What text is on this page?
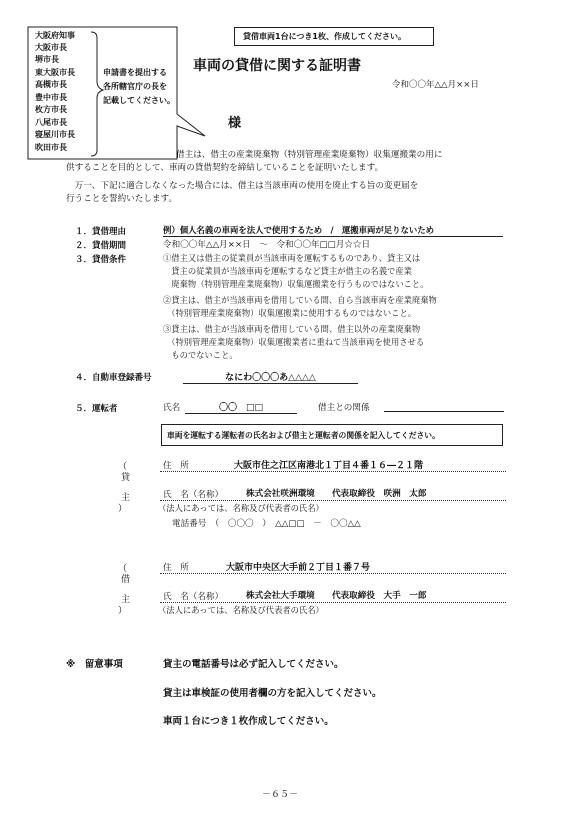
貸借車両1台につき1枚、作成してください。
車両の貸借に関する証明書
令和〇〇年△△月××日
大阪府知事
大阪市長
堺市長
東大阪市長
高槻市長
豊中市長
枚方市長
八尾市長
寝屋川市長
吹田市長
申請書を提出する
各所轄官庁の長を
記載してください。
様
借主は、借主の産業廃棄物（特別管理産業廃棄物）収集運搬業の用に
供することを目的として、車両の貸借契約を締結していることを証明いたします。
　万一、下記に適合しなくなった場合には、借主は当該車両の使用を廃止する旨の変更届を
行うことを誓約いたします。
１．貸借理由	例）個人名義の車両を法人で使用するため　/　運搬車両が足りないため
２．貸借期間	令和〇〇年△△月××日　～　令和〇〇年□□月☆☆日
３．貸借条件	①借主又は借主の従業員が当該車両を運転するものであり、貸主又は
　貸主の従業員が当該車両を運転するなど貸主が借主の名義で産業
　廃棄物（特別管理産業廃棄物）収集運搬業を行うものではないこと。
②貸主は、借主が当該車両を借用している間、自ら当該車両を産業廃棄物
　（特別管理産業廃棄物）収集運搬業に使用するものではないこと。
③貸主は、借主が当該車両を借用している間、借主以外の産業廃棄物
　（特別管理産業廃棄物）収集運搬業者に重ねて当該車両を使用させる
　ものでないこと。
４．自動車登録番号	なにわ〇〇〇あ△△△△
５．運転者	氏名	〇〇　□□	借主との関係
車両を運転する運転者の氏名および借主と運転者の関係を記入してください。
（
貸
主
）
住　所	大阪市住之江区南港北１丁目４番１６―２１階
氏　名（名称）	株式会社咲洲環境　　代表取締役　咲洲　太郎
（法人にあっては、名称及び代表者の氏名）
電話番号　（　〇〇〇　）　△△□□　－　〇〇△△
（
借
主
）
住　所	大阪市中央区大手前２丁目１番７号
氏　名（名称）	株式会社大手環境　　代表取締役　大手　一郎
（法人にあっては、名称及び代表者の氏名）
※　留意事項	貸主の電話番号は必ず記入してください。
貸主は車検証の使用者欄の方を記入してください。
車両１台につき１枚作成してください。
－６５－
